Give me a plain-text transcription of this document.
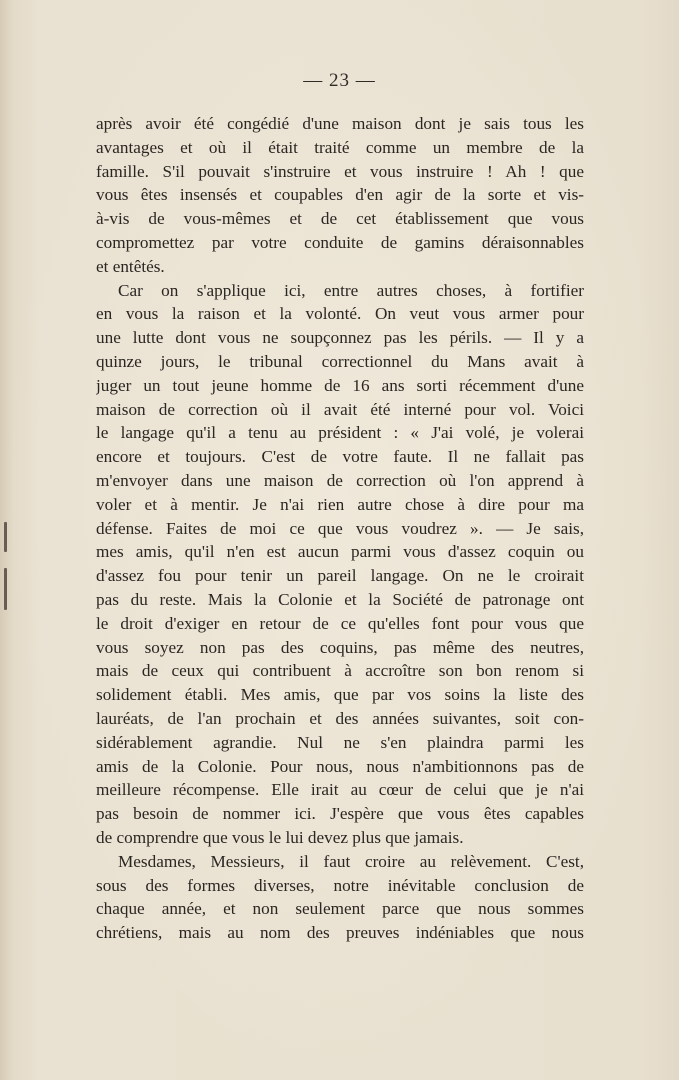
— 23 —
après avoir été congédié d'une maison dont je sais tous les
avantages et où il était traité comme un membre de la
famille. S'il pouvait s'instruire et vous instruire ! Ah ! que
vous êtes insensés et coupables d'en agir de la sorte et vis-
à-vis de vous-mêmes et de cet établissement que vous
compromettez par votre conduite de gamins déraisonnables
et entêtés.
Car on s'applique ici, entre autres choses, à fortifier
en vous la raison et la volonté. On veut vous armer pour
une lutte dont vous ne soupçonnez pas les périls. — Il y a
quinze jours, le tribunal correctionnel du Mans avait à
juger un tout jeune homme de 16 ans sorti récemment d'une
maison de correction où il avait été interné pour vol. Voici
le langage qu'il a tenu au président : « J'ai volé, je volerai
encore et toujours. C'est de votre faute. Il ne fallait pas
m'envoyer dans une maison de correction où l'on apprend à
voler et à mentir. Je n'ai rien autre chose à dire pour ma
défense. Faites de moi ce que vous voudrez ». — Je sais,
mes amis, qu'il n'en est aucun parmi vous d'assez coquin ou
d'assez fou pour tenir un pareil langage. On ne le croirait
pas du reste. Mais la Colonie et la Société de patronage ont
le droit d'exiger en retour de ce qu'elles font pour vous que
vous soyez non pas des coquins, pas même des neutres,
mais de ceux qui contribuent à accroître son bon renom si
solidement établi. Mes amis, que par vos soins la liste des
lauréats, de l'an prochain et des années suivantes, soit con-
sidérablement agrandie. Nul ne s'en plaindra parmi les
amis de la Colonie. Pour nous, nous n'ambitionnons pas de
meilleure récompense. Elle irait au cœur de celui que je n'ai
pas besoin de nommer ici. J'espère que vous êtes capables
de comprendre que vous le lui devez plus que jamais.
Mesdames, Messieurs, il faut croire au relèvement. C'est,
sous des formes diverses, notre inévitable conclusion de
chaque année, et non seulement parce que nous sommes
chrétiens, mais au nom des preuves indéniables que nous
